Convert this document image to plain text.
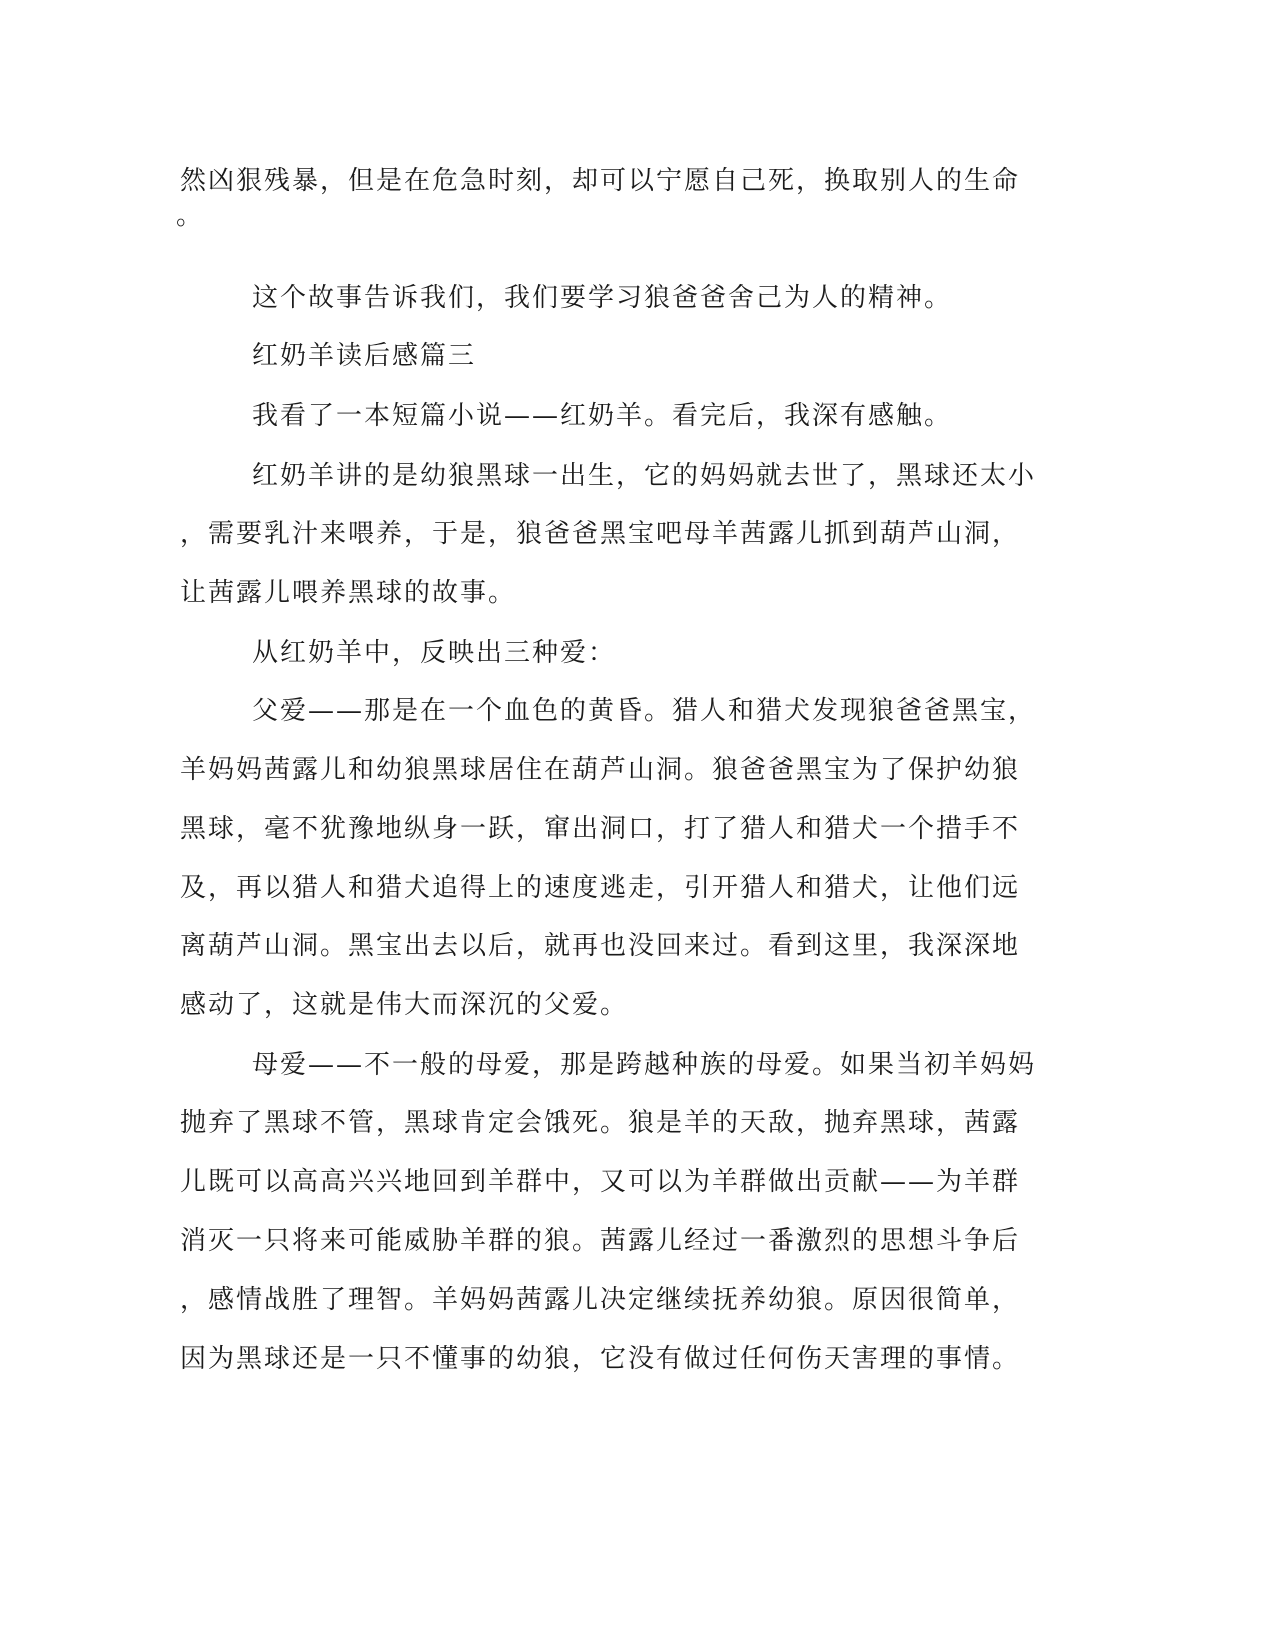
然凶狠残暴，但是在危急时刻，却可以宁愿自己死，换取别人的生命

。

这个故事告诉我们，我们要学习狼爸爸舍己为人的精神。

红奶羊读后感篇三

我看了一本短篇小说——红奶羊。看完后，我深有感触。

红奶羊讲的是幼狼黑球一出生，它的妈妈就去世了，黑球还太小

，需要乳汁来喂养，于是，狼爸爸黑宝吧母羊茜露儿抓到葫芦山洞，

让茜露儿喂养黑球的故事。

从红奶羊中，反映出三种爱：

父爱——那是在一个血色的黄昏。猎人和猎犬发现狼爸爸黑宝，

羊妈妈茜露儿和幼狼黑球居住在葫芦山洞。狼爸爸黑宝为了保护幼狼

黑球，毫不犹豫地纵身一跃，窜出洞口，打了猎人和猎犬一个措手不

及，再以猎人和猎犬追得上的速度逃走，引开猎人和猎犬，让他们远

离葫芦山洞。黑宝出去以后，就再也没回来过。看到这里，我深深地

感动了，这就是伟大而深沉的父爱。

母爱——不一般的母爱，那是跨越种族的母爱。如果当初羊妈妈

抛弃了黑球不管，黑球肯定会饿死。狼是羊的天敌，抛弃黑球，茜露

儿既可以高高兴兴地回到羊群中，又可以为羊群做出贡献——为羊群

消灭一只将来可能威胁羊群的狼。茜露儿经过一番激烈的思想斗争后

，感情战胜了理智。羊妈妈茜露儿决定继续抚养幼狼。原因很简单，

因为黑球还是一只不懂事的幼狼，它没有做过任何伤天害理的事情。
